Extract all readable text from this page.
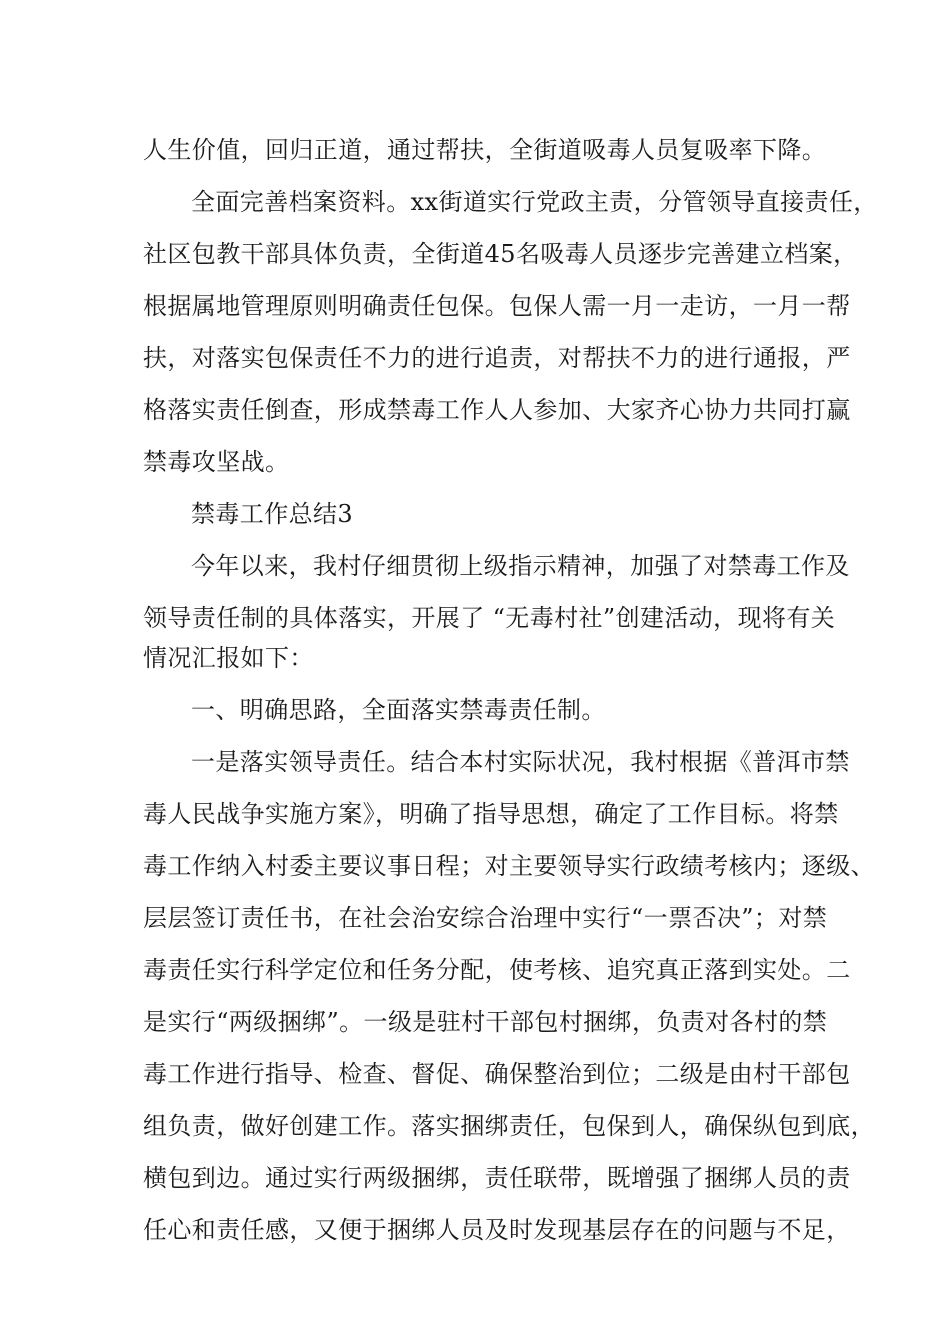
人生价值，回归正道，通过帮扶，全街道吸毒人员复吸率下降。
全面完善档案资料。xx街道实行党政主责，分管领导直接责任，
社区包教干部具体负责，全街道45名吸毒人员逐步完善建立档案，
根据属地管理原则明确责任包保。包保人需一月一走访，一月一帮
扶，对落实包保责任不力的进行追责，对帮扶不力的进行通报，严
格落实责任倒查，形成禁毒工作人人参加、大家齐心协力共同打赢
禁毒攻坚战。
禁毒工作总结3
今年以来，我村仔细贯彻上级指示精神，加强了对禁毒工作及
领导责任制的具体落实，开展了 “无毒村社”创建活动，现将有关
情况汇报如下：
一、明确思路，全面落实禁毒责任制。
一是落实领导责任。结合本村实际状况，我村根据《普洱市禁
毒人民战争实施方案》，明确了指导思想，确定了工作目标。将禁
毒工作纳入村委主要议事日程；对主要领导实行政绩考核内；逐级、
层层签订责任书，在社会治安综合治理中实行“一票否决”；对禁
毒责任实行科学定位和任务分配，使考核、追究真正落到实处。二
是实行“两级捆绑”。一级是驻村干部包村捆绑，负责对各村的禁
毒工作进行指导、检查、督促、确保整治到位；二级是由村干部包
组负责，做好创建工作。落实捆绑责任，包保到人，确保纵包到底，
横包到边。通过实行两级捆绑，责任联带，既增强了捆绑人员的责
任心和责任感，又便于捆绑人员及时发现基层存在的问题与不足，
